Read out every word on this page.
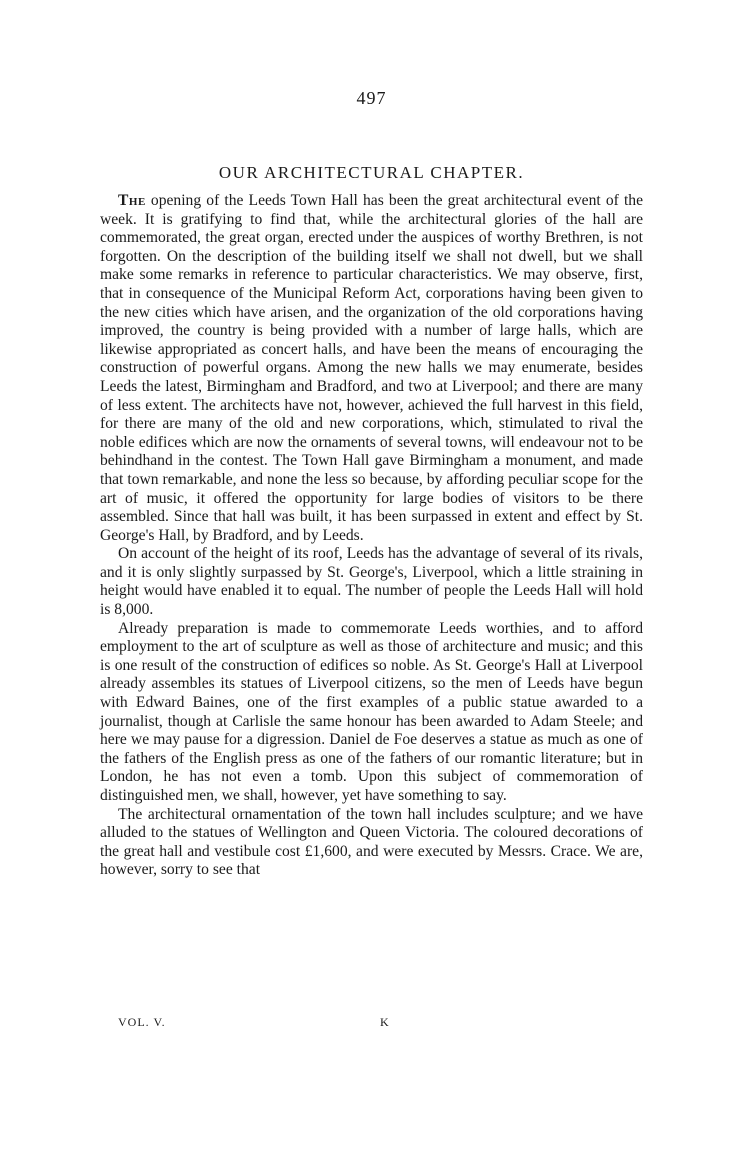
497
OUR ARCHITECTURAL CHAPTER.

The opening of the Leeds Town Hall has been the great architectural event of the week. It is gratifying to find that, while the architectural glories of the hall are commemorated, the great organ, erected under the auspices of worthy Brethren, is not forgotten. On the description of the building itself we shall not dwell, but we shall make some remarks in reference to particular characteristics. We may observe, first, that in consequence of the Municipal Reform Act, corporations having been given to the new cities which have arisen, and the organization of the old corporations having improved, the country is being provided with a number of large halls, which are likewise appropriated as concert halls, and have been the means of encouraging the construction of powerful organs. Among the new halls we may enumerate, besides Leeds the latest, Birmingham and Bradford, and two at Liverpool; and there are many of less extent. The architects have not, however, achieved the full harvest in this field, for there are many of the old and new corporations, which, stimulated to rival the noble edifices which are now the ornaments of several towns, will endeavour not to be behindhand in the contest. The Town Hall gave Birmingham a monument, and made that town remarkable, and none the less so because, by affording peculiar scope for the art of music, it offered the opportunity for large bodies of visitors to be there assembled. Since that hall was built, it has been surpassed in extent and effect by St. George's Hall, by Bradford, and by Leeds.

On account of the height of its roof, Leeds has the advantage of several of its rivals, and it is only slightly surpassed by St. George's, Liverpool, which a little straining in height would have enabled it to equal. The number of people the Leeds Hall will hold is 8,000.

Already preparation is made to commemorate Leeds worthies, and to afford employment to the art of sculpture as well as those of architecture and music; and this is one result of the construction of edifices so noble. As St. George's Hall at Liverpool already assembles its statues of Liverpool citizens, so the men of Leeds have begun with Edward Baines, one of the first examples of a public statue awarded to a journalist, though at Carlisle the same honour has been awarded to Adam Steele; and here we may pause for a digression. Daniel de Foe deserves a statue as much as one of the fathers of the English press as one of the fathers of our romantic literature; but in London, he has not even a tomb. Upon this subject of commemoration of distinguished men, we shall, however, yet have something to say.

The architectural ornamentation of the town hall includes sculpture; and we have alluded to the statues of Wellington and Queen Victoria. The coloured decorations of the great hall and vestibule cost £1,600, and were executed by Messrs. Crace. We are, however, sorry to see that

VOL. V.	K
